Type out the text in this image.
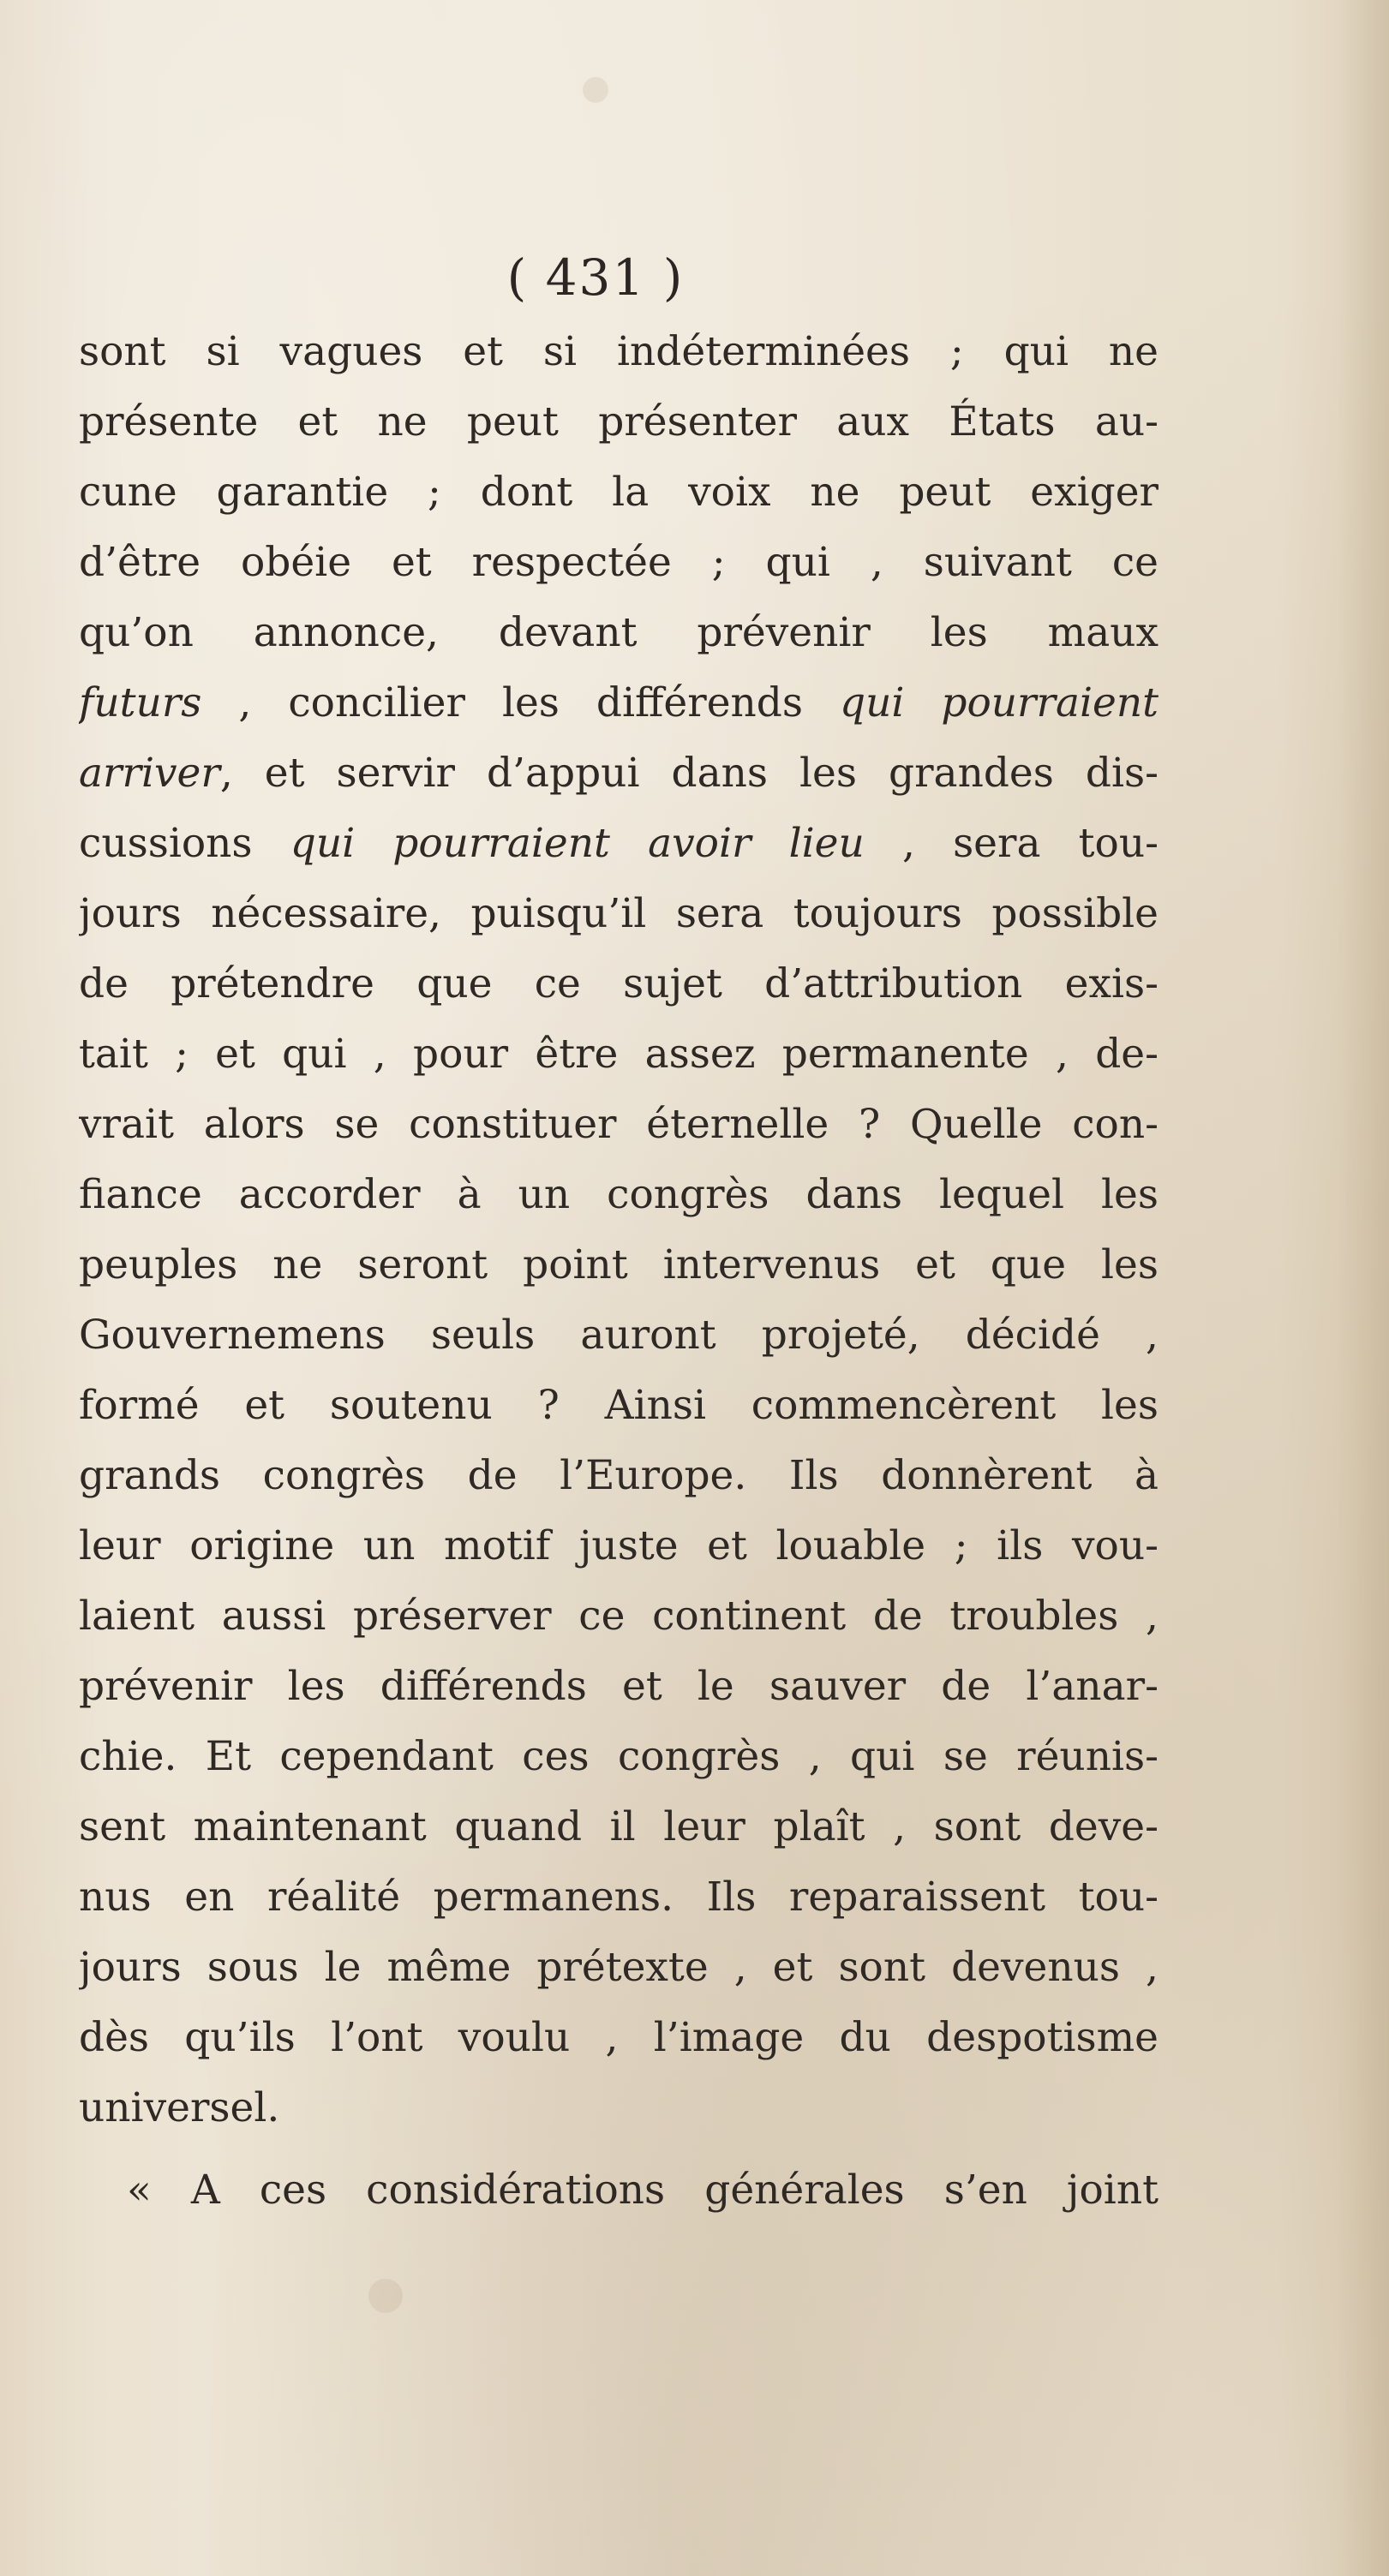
( 431 )
sont si vagues et si indéterminées ; qui ne
présente et ne peut présenter aux États au-
cune garantie ; dont la voix ne peut exiger
d’être obéie et respectée ; qui , suivant ce
qu’on annonce, devant prévenir les maux
futurs , concilier les différends qui pourraient
arriver, et servir d’appui dans les grandes dis-
cussions qui pourraient avoir lieu , sera tou-
jours nécessaire, puisqu’il sera toujours possible
de prétendre que ce sujet d’attribution exis-
tait ; et qui , pour être assez permanente , de-
vrait alors se constituer éternelle ? Quelle con-
fiance accorder à un congrès dans lequel les
peuples ne seront point intervenus et que les
Gouvernemens seuls auront projeté, décidé ,
formé et soutenu ? Ainsi commencèrent les
grands congrès de l’Europe. Ils donnèrent à
leur origine un motif juste et louable ; ils vou-
laient aussi préserver ce continent de troubles ,
prévenir les différends et le sauver de l’anar-
chie. Et cependant ces congrès , qui se réunis-
sent maintenant quand il leur plaît , sont deve-
nus en réalité permanens. Ils reparaissent tou-
jours sous le même prétexte , et sont devenus ,
dès qu’ils l’ont voulu , l’image du despotisme
universel.
« A ces considérations générales s’en joint
